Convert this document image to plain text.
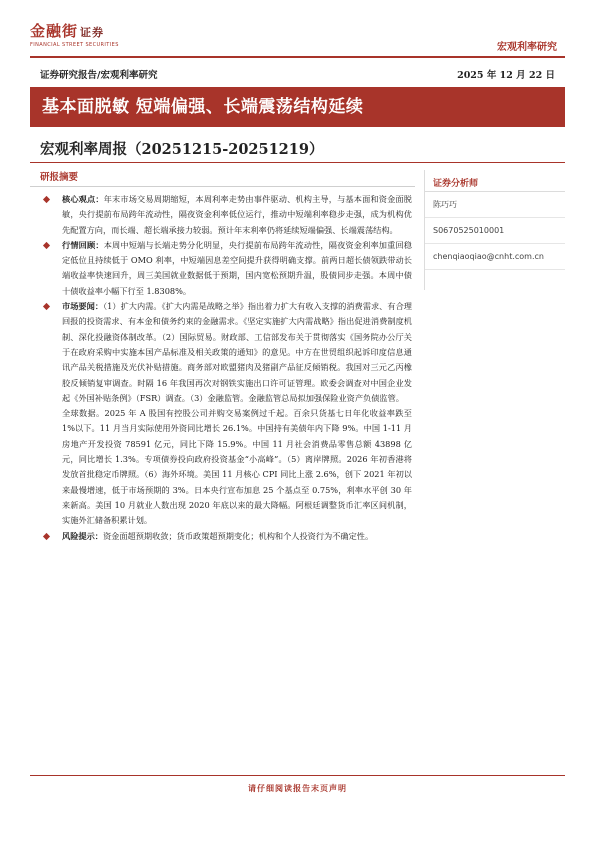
金融街 证券
FINANCIAL STREET SECURITIES	宏观利率研究
证券研究报告/宏观利率研究	2025 年 12 月 22 日
基本面脱敏 短端偏强、长端震荡结构延续
宏观利率周报（20251215-20251219）
研报摘要
核心观点：年末市场交易周期缩短，本周利率走势由事件驱动、机构主导，与基本面和资金面脱敏，央行提前布局跨年流动性，隔夜资金利率低位运行，推动中短端利率稳步走强，成为机构优先配置方向，而长端、超长端承接力较弱。预计年末利率仍将延续短端偏强、长端震荡结构。
行情回顾：本周中短端与长端走势分化明显，央行提前布局跨年流动性，隔夜资金利率加重回稳定低位且持续低于 OMO 利率，中短端因息差空间提升获得明确支撑。前两日超长债领跌带动长端收益率快速回升，周三美国就业数据低于预期，国内宽松预期升温，股债同步走强。本周中债十债收益率小幅下行至 1.8308%。
市场要闻：（1）扩大内需。《扩大内需是战略之举》指出着力扩大有收入支撑的消费需求、有合理回报的投资需求、有本金和债务约束的金融需求。《坚定实施扩大内需战略》指出促进消费制度机制、深化投融资体制改革。（2）国际贸易。财政部、工信部发布关于贯彻落实《国务院办公厅关于在政府采购中实施本国产品标准及相关政策的通知》的意见。中方在世贸组织起诉印度信息通讯产品关税措施及光伏补贴措施。商务部对欧盟猪肉及猪副产品征反倾销税。我国对三元乙丙橡胶反倾销复审调查。时隔 16 年我国再次对钢铁实施出口许可证管理。欧委会调查对中国企业发起《外国补贴条例》（FSR）调查。（3）金融监管。金融监管总局拟加强保险业资产负债监管。
全球数据。2025 年 A 股国有控股公司并购交易案例过千起。百余只货基七日年化收益率跌至 1%以下。11 月当月实际使用外资同比增长 26.1%。中国持有美债年内下降 9%。中国 1-11 月房地产开发投资 78591 亿元，同比下降 15.9%。中国 11 月社会消费品零售总额 43898 亿元，同比增长 1.3%。专项债券投向政府投资基金“小高峰”。（5）离岸牌照。2026 年初香港将发放首批稳定币牌照。（6）海外环境。美国 11 月核心 CPI 同比上涨 2.6%，创下 2021 年初以来最慢增速，低于市场预期的 3%。日本央行宣布加息 25 个基点至 0.75%，利率水平创 30 年来新高。美国 10 月就业人数出现 2020 年底以来的最大降幅。阿根廷调整货币汇率区间机制，实施外汇储备积累计划。
风险提示：资金面超预期收敛；货币政策超预期变化；机构和个人投资行为不确定性。
证券分析师
陈巧巧
S0670525010001
chenqiaoqiao@cnht.com.cn
请仔细阅读报告末页声明
